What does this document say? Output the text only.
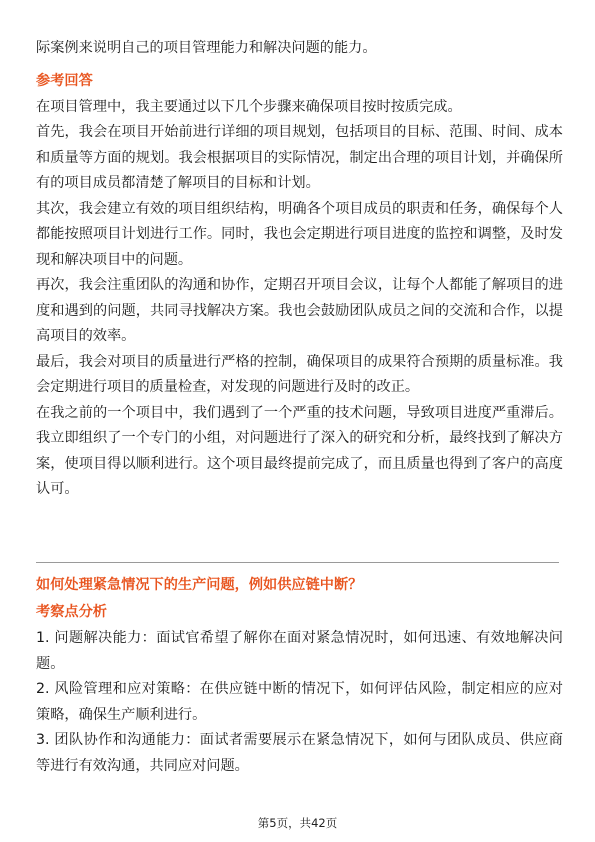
际案例来说明自己的项目管理能力和解决问题的能力。

参考回答

在项目管理中，我主要通过以下几个步骤来确保项目按时按质完成。

首先，我会在项目开始前进行详细的项目规划，包括项目的目标、范围、时间、成本和质量等方面的规划。我会根据项目的实际情况，制定出合理的项目计划，并确保所有的项目成员都清楚了解项目的目标和计划。

其次，我会建立有效的项目组织结构，明确各个项目成员的职责和任务，确保每个人都能按照项目计划进行工作。同时，我也会定期进行项目进度的监控和调整，及时发现和解决项目中的问题。

再次，我会注重团队的沟通和协作，定期召开项目会议，让每个人都能了解项目的进度和遇到的问题，共同寻找解决方案。我也会鼓励团队成员之间的交流和合作，以提高项目的效率。

最后，我会对项目的质量进行严格的控制，确保项目的成果符合预期的质量标准。我会定期进行项目的质量检查，对发现的问题进行及时的改正。

在我之前的一个项目中，我们遇到了一个严重的技术问题，导致项目进度严重滞后。我立即组织了一个专门的小组，对问题进行了深入的研究和分析，最终找到了解决方案，使项目得以顺利进行。这个项目最终提前完成了，而且质量也得到了客户的高度认可。

如何处理紧急情况下的生产问题，例如供应链中断？

考察点分析

1. 问题解决能力：面试官希望了解你在面对紧急情况时，如何迅速、有效地解决问题。

2. 风险管理和应对策略：在供应链中断的情况下，如何评估风险，制定相应的应对策略，确保生产顺利进行。

3. 团队协作和沟通能力：面试者需要展示在紧急情况下，如何与团队成员、供应商等进行有效沟通，共同应对问题。

第5页，共42页
